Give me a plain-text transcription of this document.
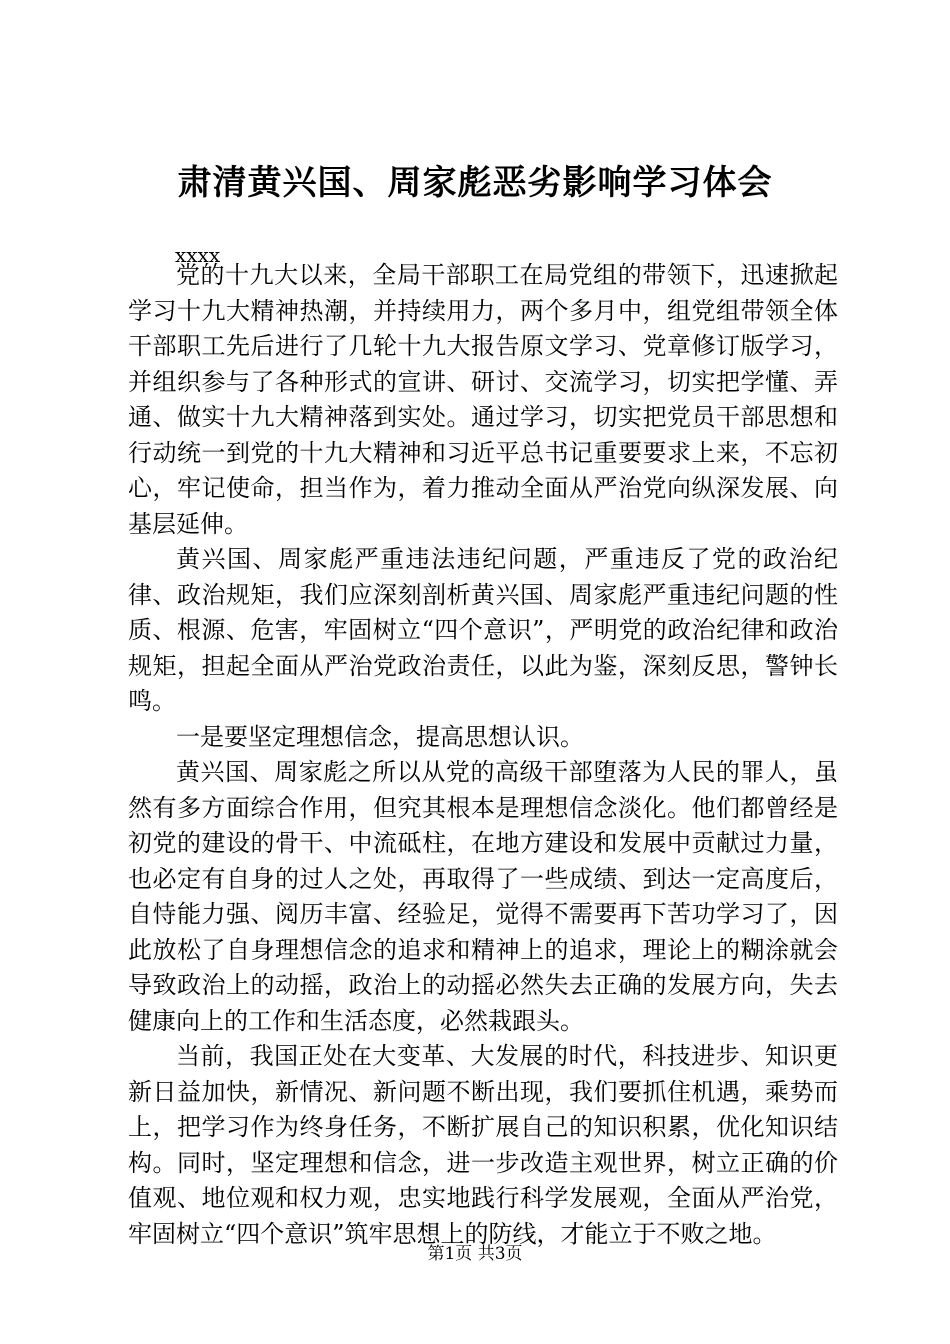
肃清黄兴国、周家彪恶劣影响学习体会
xxxx

党的十九大以来，全局干部职工在局党组的带领下，迅速掀起学习十九大精神热潮，并持续用力，两个多月中，组党组带领全体干部职工先后进行了几轮十九大报告原文学习、党章修订版学习，并组织参与了各种形式的宣讲、研讨、交流学习，切实把学懂、弄通、做实十九大精神落到实处。通过学习，切实把党员干部思想和行动统一到党的十九大精神和习近平总书记重要要求上来，不忘初心，牢记使命，担当作为，着力推动全面从严治党向纵深发展、向基层延伸。

黄兴国、周家彪严重违法违纪问题，严重违反了党的政治纪律、政治规矩，我们应深刻剖析黄兴国、周家彪严重违纪问题的性质、根源、危害，牢固树立“四个意识”，严明党的政治纪律和政治规矩，担起全面从严治党政治责任，以此为鉴，深刻反思，警钟长鸣。

一是要坚定理想信念，提高思想认识。

黄兴国、周家彪之所以从党的高级干部堕落为人民的罪人，虽然有多方面综合作用，但究其根本是理想信念淡化。他们都曾经是初党的建设的骨干、中流砥柱，在地方建设和发展中贡献过力量，也必定有自身的过人之处，再取得了一些成绩、到达一定高度后，自恃能力强、阅历丰富、经验足，觉得不需要再下苦功学习了，因此放松了自身理想信念的追求和精神上的追求，理论上的糊涂就会导致政治上的动摇，政治上的动摇必然失去正确的发展方向，失去健康向上的工作和生活态度，必然栽跟头。

当前，我国正处在大变革、大发展的时代，科技进步、知识更新日益加快，新情况、新问题不断出现，我们要抓住机遇，乘势而上，把学习作为终身任务，不断扩展自己的知识积累，优化知识结构。同时，坚定理想和信念，进一步改造主观世界，树立正确的价值观、地位观和权力观，忠实地践行科学发展观，全面从严治党，牢固树立“四个意识”筑牢思想上的防线，才能立于不败之地。

第1页 共3页
